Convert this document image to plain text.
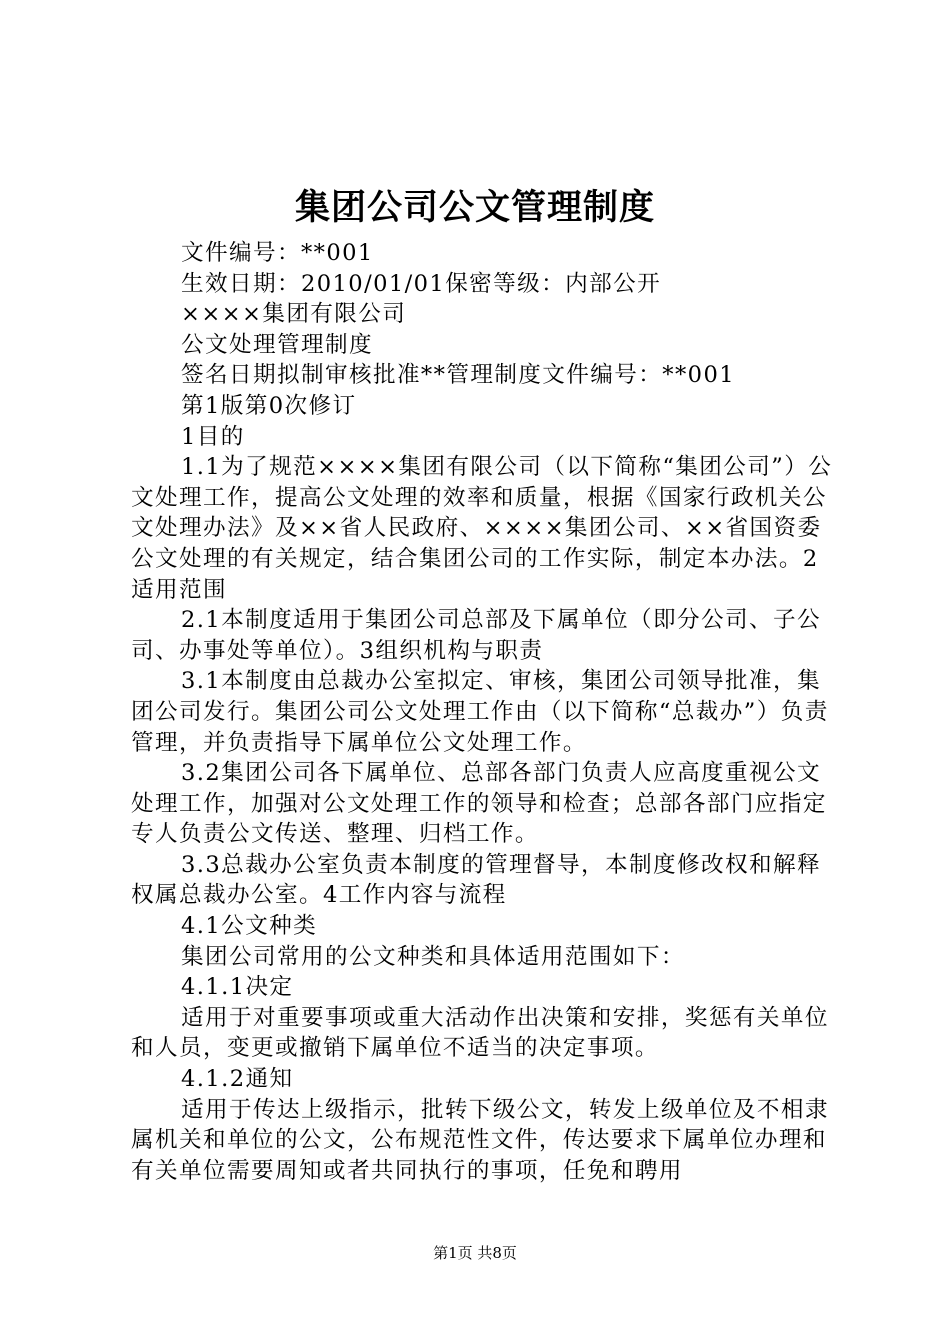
集团公司公文管理制度

文件编号：**001

生效日期：2010/01/01保密等级：内部公开

××××集团有限公司

公文处理管理制度

签名日期拟制审核批准**管理制度文件编号：**001

第1版第0次修订

1目的

1.1为了规范××××集团有限公司（以下简称“集团公司”）公文处理工作，提高公文处理的效率和质量，根据《国家行政机关公文处理办法》及××省人民政府、××××集团公司、××省国资委公文处理的有关规定，结合集团公司的工作实际，制定本办法。2适用范围

2.1本制度适用于集团公司总部及下属单位（即分公司、子公司、办事处等单位）。3组织机构与职责

3.1本制度由总裁办公室拟定、审核，集团公司领导批准，集团公司发行。集团公司公文处理工作由（以下简称“总裁办”）负责管理，并负责指导下属单位公文处理工作。

3.2集团公司各下属单位、总部各部门负责人应高度重视公文处理工作，加强对公文处理工作的领导和检查；总部各部门应指定专人负责公文传送、整理、归档工作。

3.3总裁办公室负责本制度的管理督导，本制度修改权和解释权属总裁办公室。4工作内容与流程

4.1公文种类

集团公司常用的公文种类和具体适用范围如下：

4.1.1决定

适用于对重要事项或重大活动作出决策和安排，奖惩有关单位和人员，变更或撤销下属单位不适当的决定事项。

4.1.2通知

适用于传达上级指示，批转下级公文，转发上级单位及不相隶属机关和单位的公文，公布规范性文件，传达要求下属单位办理和有关单位需要周知或者共同执行的事项，任免和聘用

第1页 共8页
